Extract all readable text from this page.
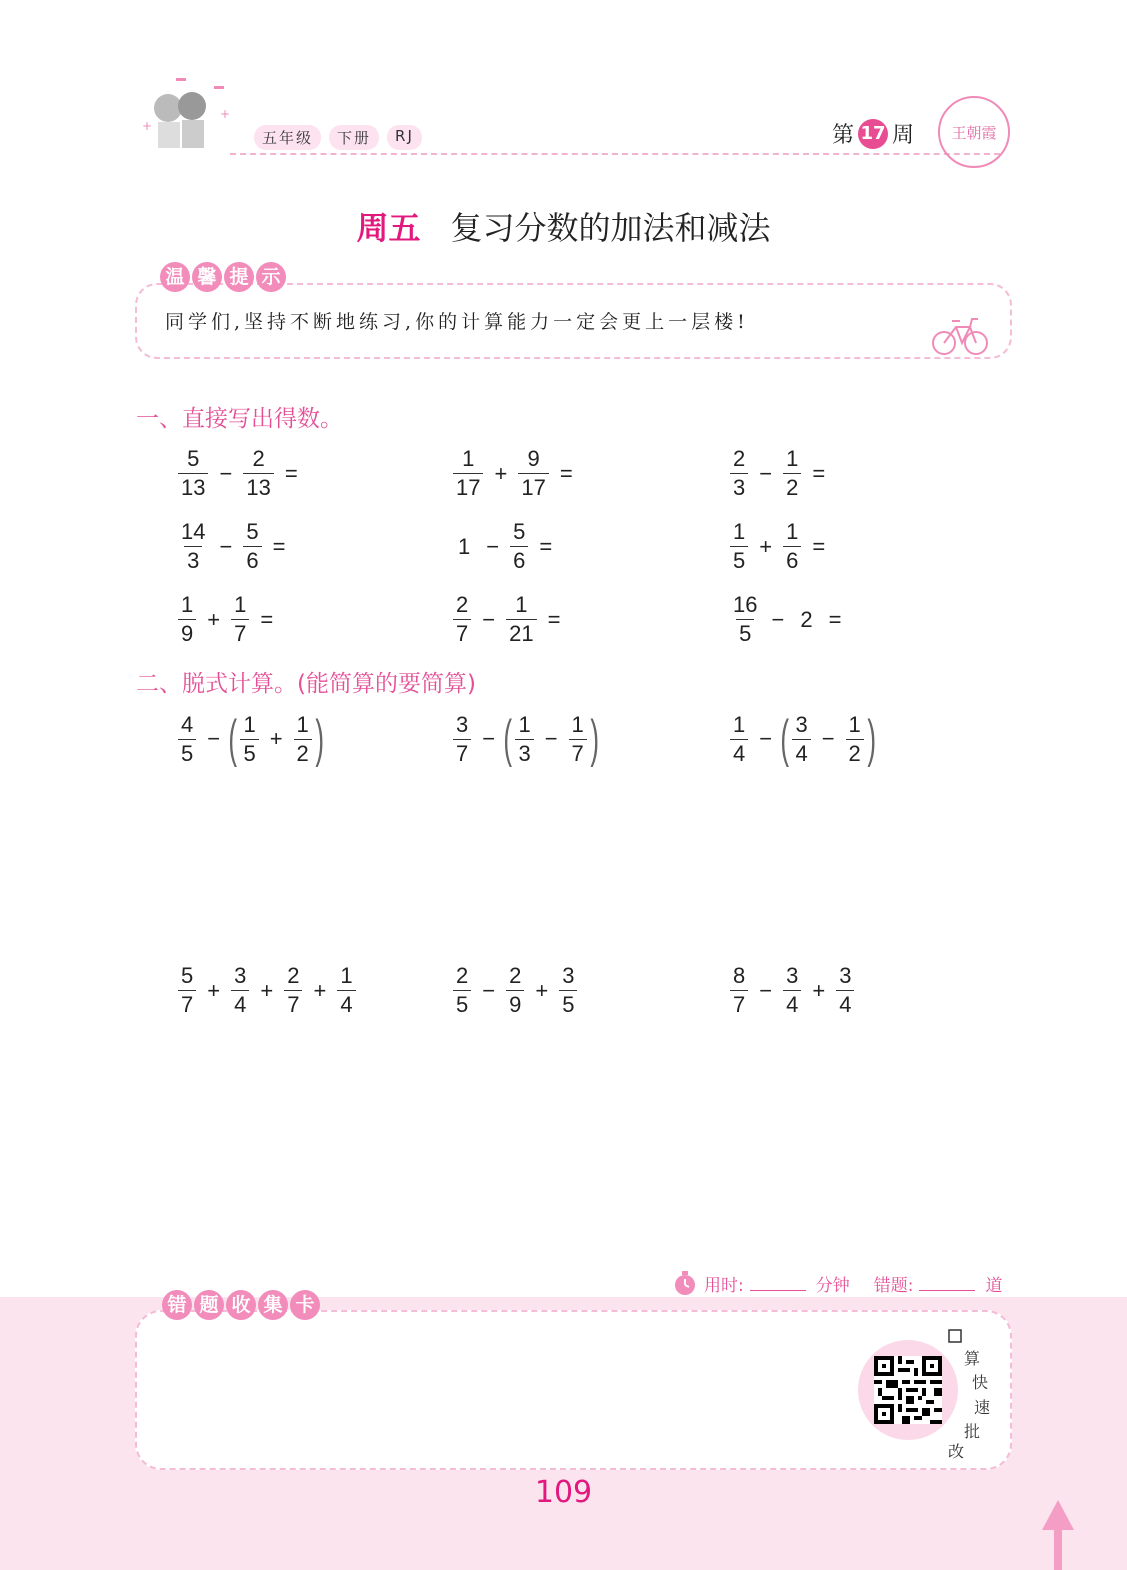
+
+
五年级	下册	RJ	第 17 周 王朝霞
周五 复习分数的加法和减法
温 馨 提 示
同学们,坚持不断地练习,你的计算能力一定会更上一层楼!
一、直接写出得数。
$\frac{5}{13} - \frac{2}{13}$ =	$\frac{1}{17} + \frac{9}{17}$ =	$\frac{2}{3} - \frac{1}{2}$ =
$\frac{14}{3} - \frac{5}{6}$ =	$1 - \frac{5}{6}$ =	$\frac{1}{5} + \frac{1}{6}$ =
$\frac{1}{9} + \frac{1}{7}$ =	$\frac{2}{7} - \frac{1}{21}$ =	$\frac{16}{5} - 2$ =
二、脱式计算。(能简算的要简算)
$\frac{4}{5}$ − ( $\frac{1}{5} + \frac{1}{2}$ )	$\frac{3}{7}$ − ( $\frac{1}{3} - \frac{1}{7}$ )	$\frac{1}{4}$ − ( $\frac{3}{4} - \frac{1}{2}$ )
$\frac{5}{7} + \frac{3}{4} + \frac{2}{7} + \frac{1}{4}$	$\frac{2}{5} - \frac{2}{9} + \frac{3}{5}$	$\frac{8}{7} - \frac{3}{4} + \frac{3}{4}$
用时:	分钟 错题:	道
错 题 收 集 卡
算
快
速
批
改
109
